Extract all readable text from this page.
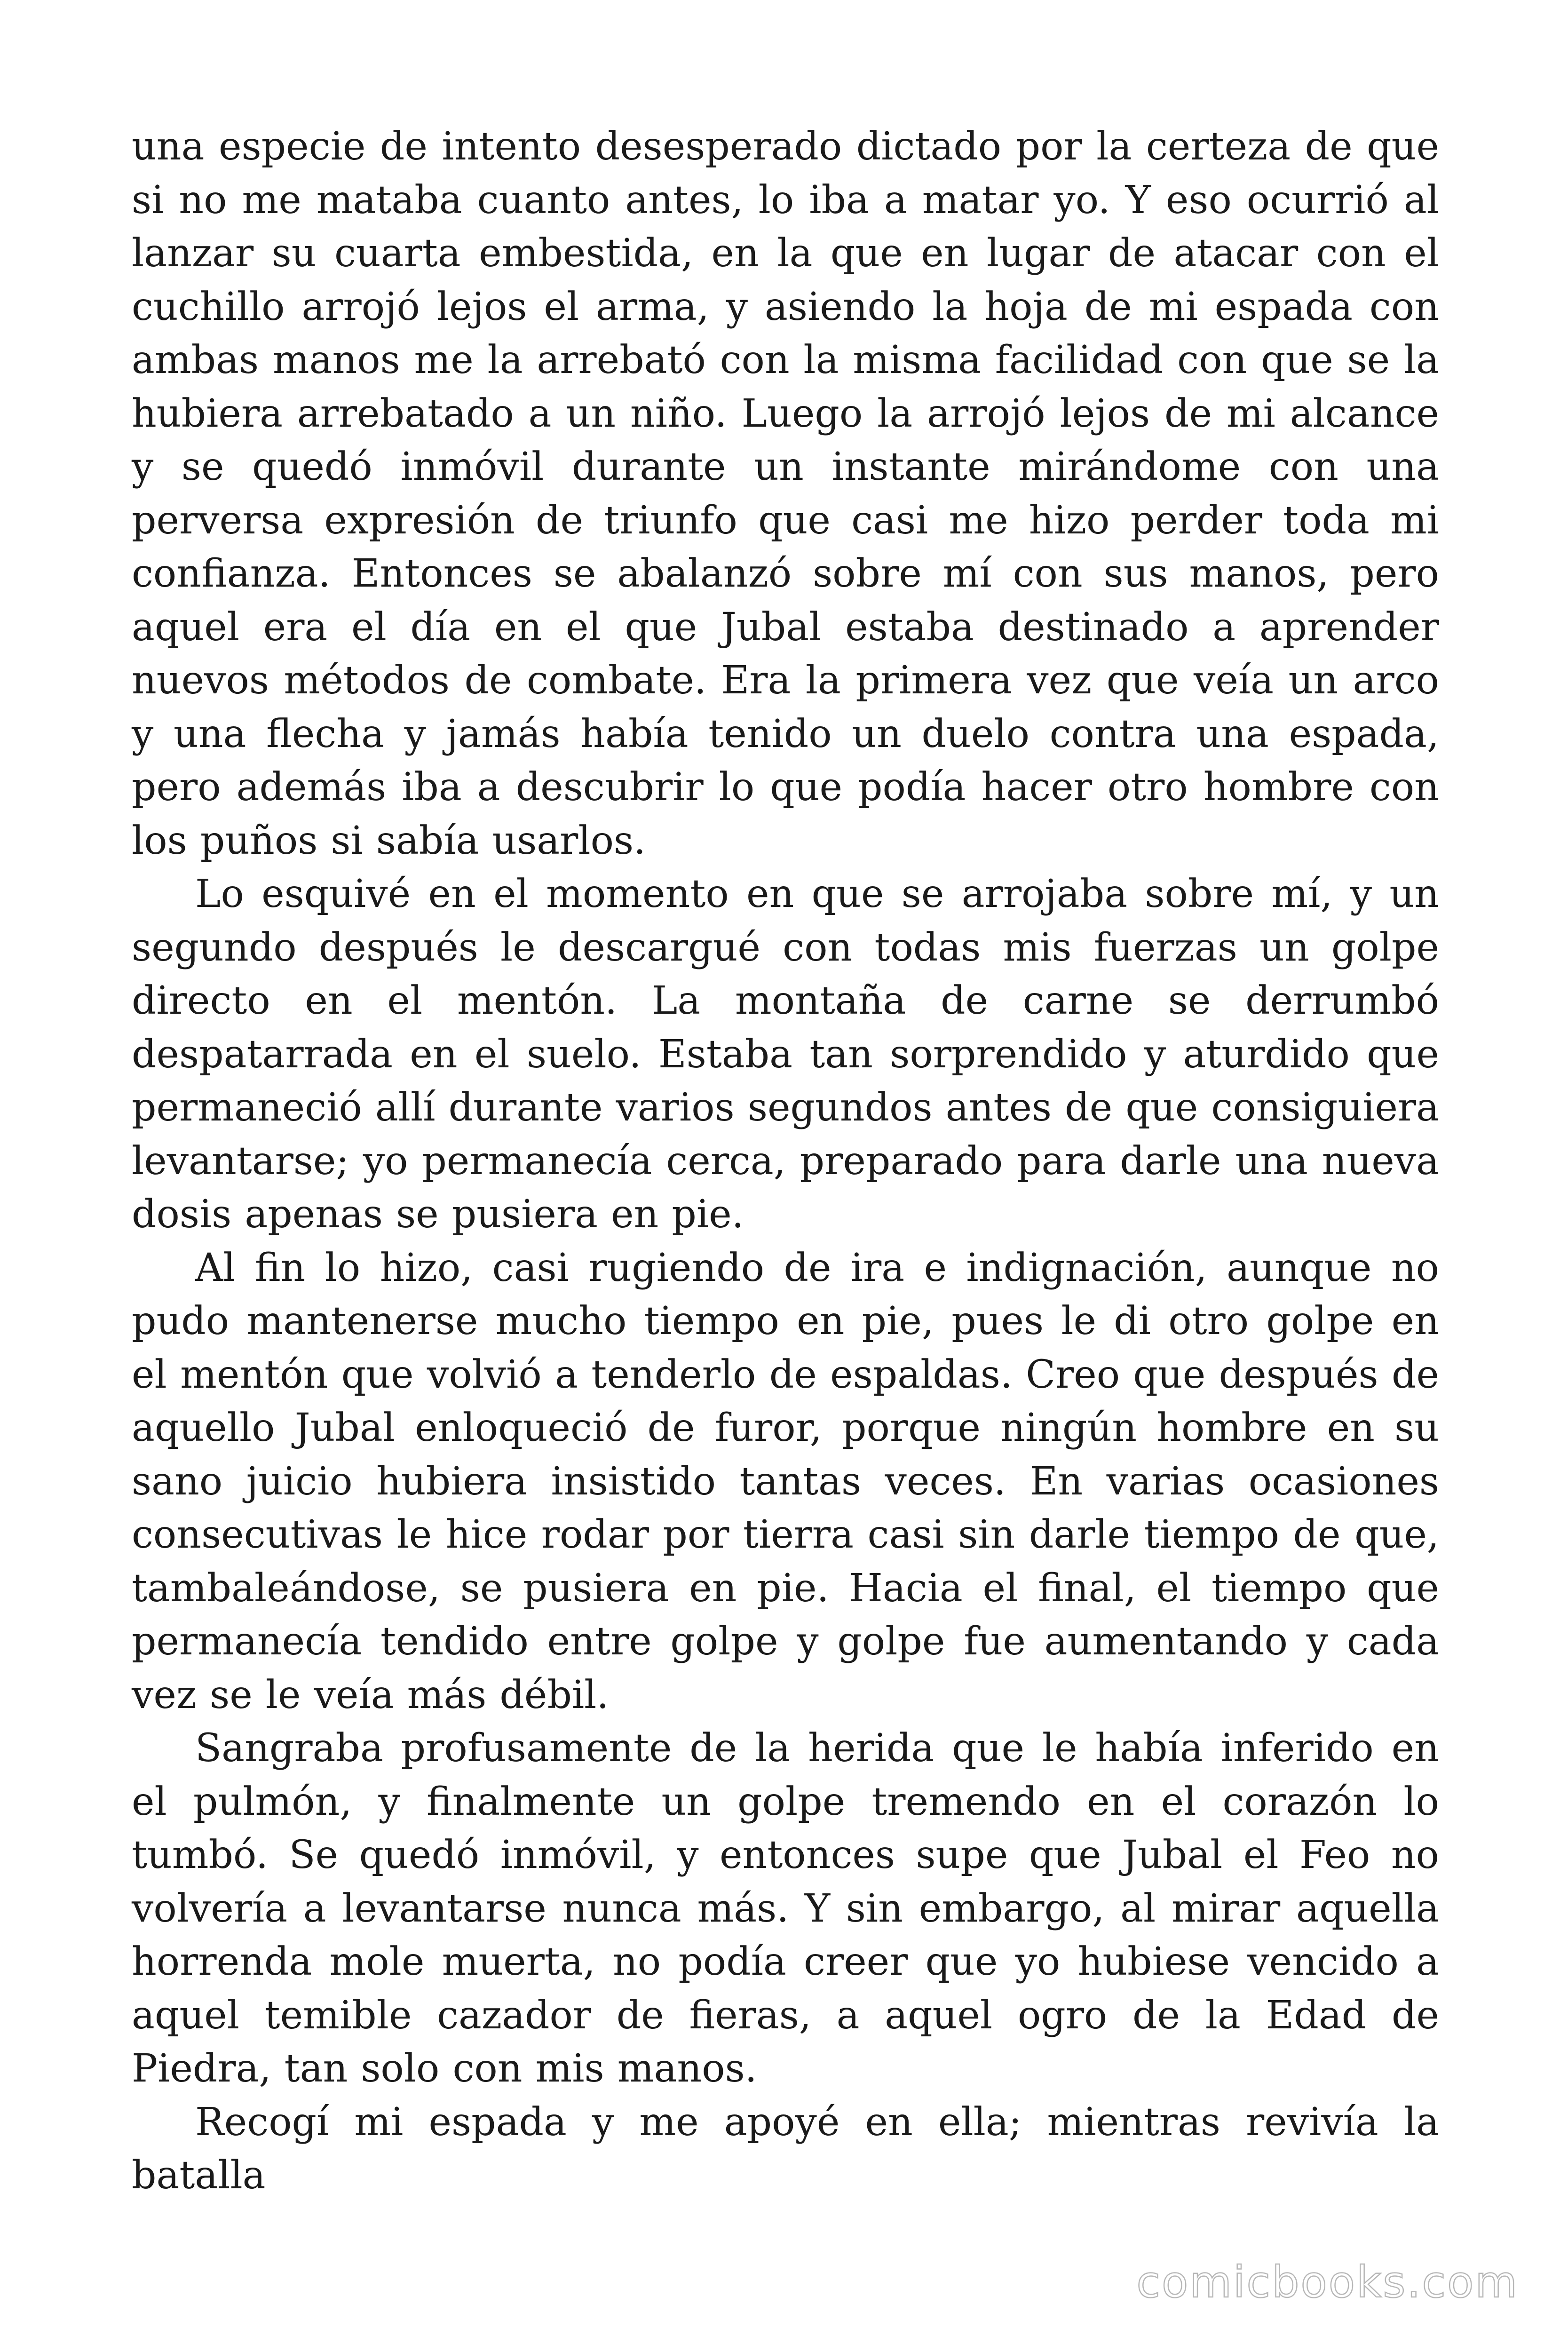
una especie de intento desesperado dictado por la certeza de que si no me mataba cuanto antes, lo iba a matar yo. Y eso ocurrió al lanzar su cuarta embestida, en la que en lugar de atacar con el cuchillo arrojó lejos el arma, y asiendo la hoja de mi espada con ambas manos me la arrebató con la misma facilidad con que se la hubiera arrebatado a un niño. Luego la arrojó lejos de mi alcance y se quedó inmóvil durante un instante mirándome con una perversa expresión de triunfo que casi me hizo perder toda mi confianza. Entonces se abalanzó sobre mí con sus manos, pero aquel era el día en el que Jubal estaba destinado a aprender nuevos métodos de combate. Era la primera vez que veía un arco y una flecha y jamás había tenido un duelo contra una espada, pero además iba a descubrir lo que podía hacer otro hombre con los puños si sabía usarlos.

Lo esquivé en el momento en que se arrojaba sobre mí, y un segundo después le descargué con todas mis fuerzas un golpe directo en el mentón. La montaña de carne se derrumbó despatarrada en el suelo. Estaba tan sorprendido y aturdido que permaneció allí durante varios segundos antes de que consiguiera levantarse; yo permanecía cerca, preparado para darle una nueva dosis apenas se pusiera en pie.

Al fin lo hizo, casi rugiendo de ira e indignación, aunque no pudo mantenerse mucho tiempo en pie, pues le di otro golpe en el mentón que volvió a tenderlo de espaldas. Creo que después de aquello Jubal enloqueció de furor, porque ningún hombre en su sano juicio hubiera insistido tantas veces. En varias ocasiones consecutivas le hice rodar por tierra casi sin darle tiempo de que, tambaleándose, se pusiera en pie. Hacia el final, el tiempo que permanecía tendido entre golpe y golpe fue aumentando y cada vez se le veía más débil.

Sangraba profusamente de la herida que le había inferido en el pulmón, y finalmente un golpe tremendo en el corazón lo tumbó. Se quedó inmóvil, y entonces supe que Jubal el Feo no volvería a levantarse nunca más. Y sin embargo, al mirar aquella horrenda mole muerta, no podía creer que yo hubiese vencido a aquel temible cazador de fieras, a aquel ogro de la Edad de Piedra, tan solo con mis manos.

Recogí mi espada y me apoyé en ella; mientras revivía la batalla

comicbooks.com
